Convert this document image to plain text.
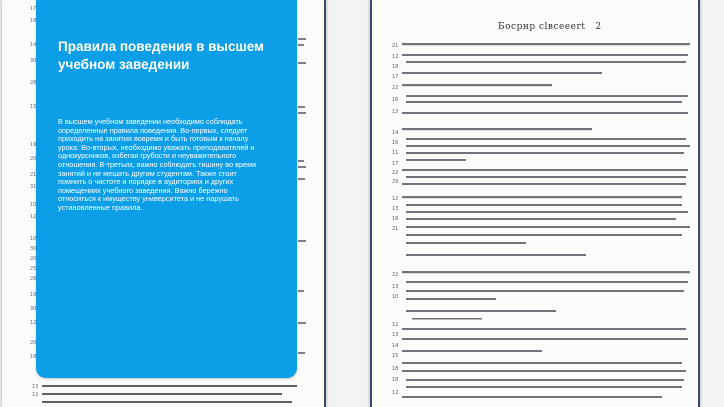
17
18
14
30
28
15
19
20
21
31
10
12
10
30
20
25
26
19
30
12
20
18
13
12
Босрнр сlвсеееrt 2
21
12
18
17
22
16
13
14
16
11
17
22
29
12
13
16
21
22
13
10
12
13
14
15
18
18
12
Правила поведения в высшем учебном заведении
В высшем учебном заведении необходимо соблюдать определенные правила поведения. Во-первых, следует приходить на занятия вовремя и быть готовым к началу урока. Во-вторых, необходимо уважать преподавателей и однокурсников, избегая грубости и неуважительного отношения. В-третьих, важно соблюдать тишину во время занятий и не мешать другим студентам. Также стоит помнить о чистоте и порядке в аудиториях и других помещениях учебного заведения. Важно бережно относиться к имуществу университета и не нарушать установленные правила.
